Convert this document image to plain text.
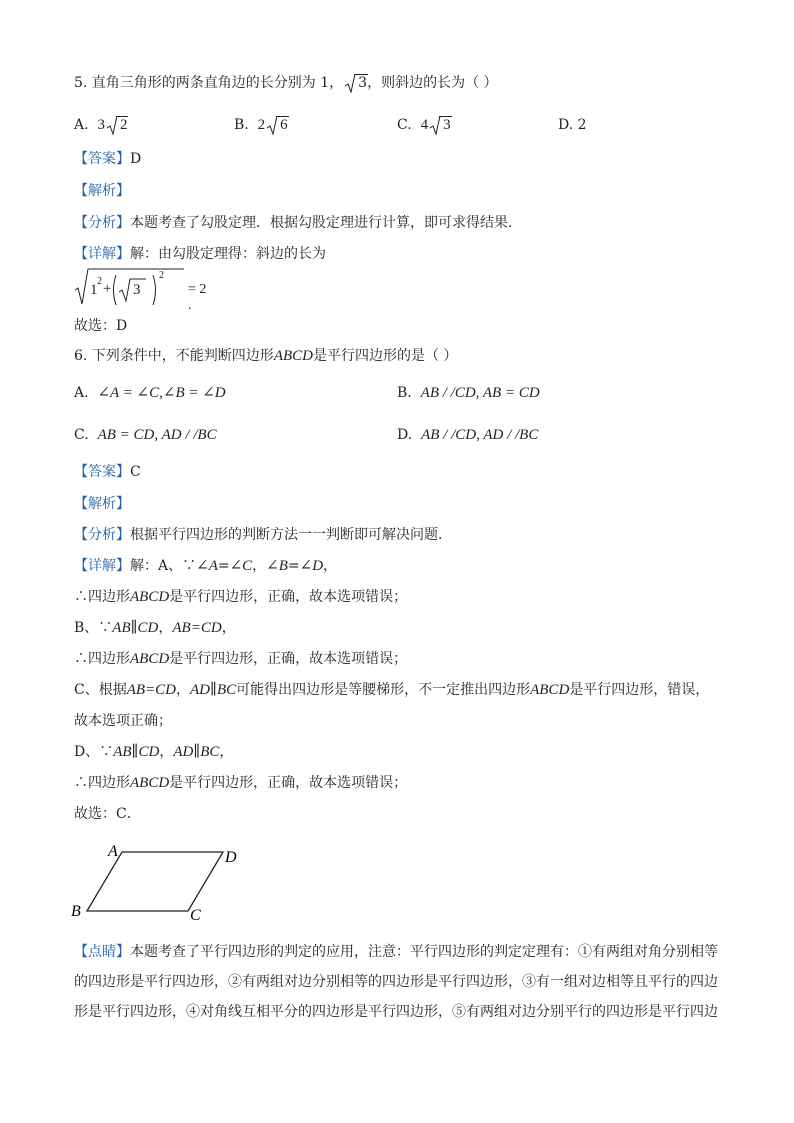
5. 直角三角形的两条直角边的长分别为 1， 3，则斜边的长为（ ）
A. 3 2	B. 2 6	C. 4 3	D. 2
【答案】D
【解析】
【分析】本题考查了勾股定理．根据勾股定理进行计算，即可求得结果．
【详解】解：由勾股定理得：斜边的长为
1
2 + 3
2
= 2 .
故选：D
6. 下列条件中，不能判断四边形ABCD是平行四边形的是（ ）
A. ∠A = ∠C,∠B = ∠D	B. AB / /CD, AB = CD
C. AB = CD, AD / /BC	D. AB / /CD, AD / /BC
【答案】C
【解析】
【分析】根据平行四边形的判断方法一一判断即可解决问题．
【详解】解：A、∵∠A=∠C，∠B=∠D，
∴四边形ABCD是平行四边形，正确，故本选项错误；
B、∵AB∥CD，AB=CD，
∴四边形ABCD是平行四边形，正确，故本选项错误；
C、根据AB=CD，AD∥BC可能得出四边形是等腰梯形，不一定推出四边形ABCD是平行四边形，错误，
故本选项正确；
D、∵AB∥CD，AD∥BC，
∴四边形ABCD是平行四边形，正确，故本选项错误；
故选：C．
A	D
B	C
【点睛】本题考查了平行四边形的判定的应用，注意：平行四边形的判定定理有：①有两组对角分别相等
的四边形是平行四边形，②有两组对边分别相等的四边形是平行四边形，③有一组对边相等且平行的四边
形是平行四边形，④对角线互相平分的四边形是平行四边形，⑤有两组对边分别平行的四边形是平行四边
